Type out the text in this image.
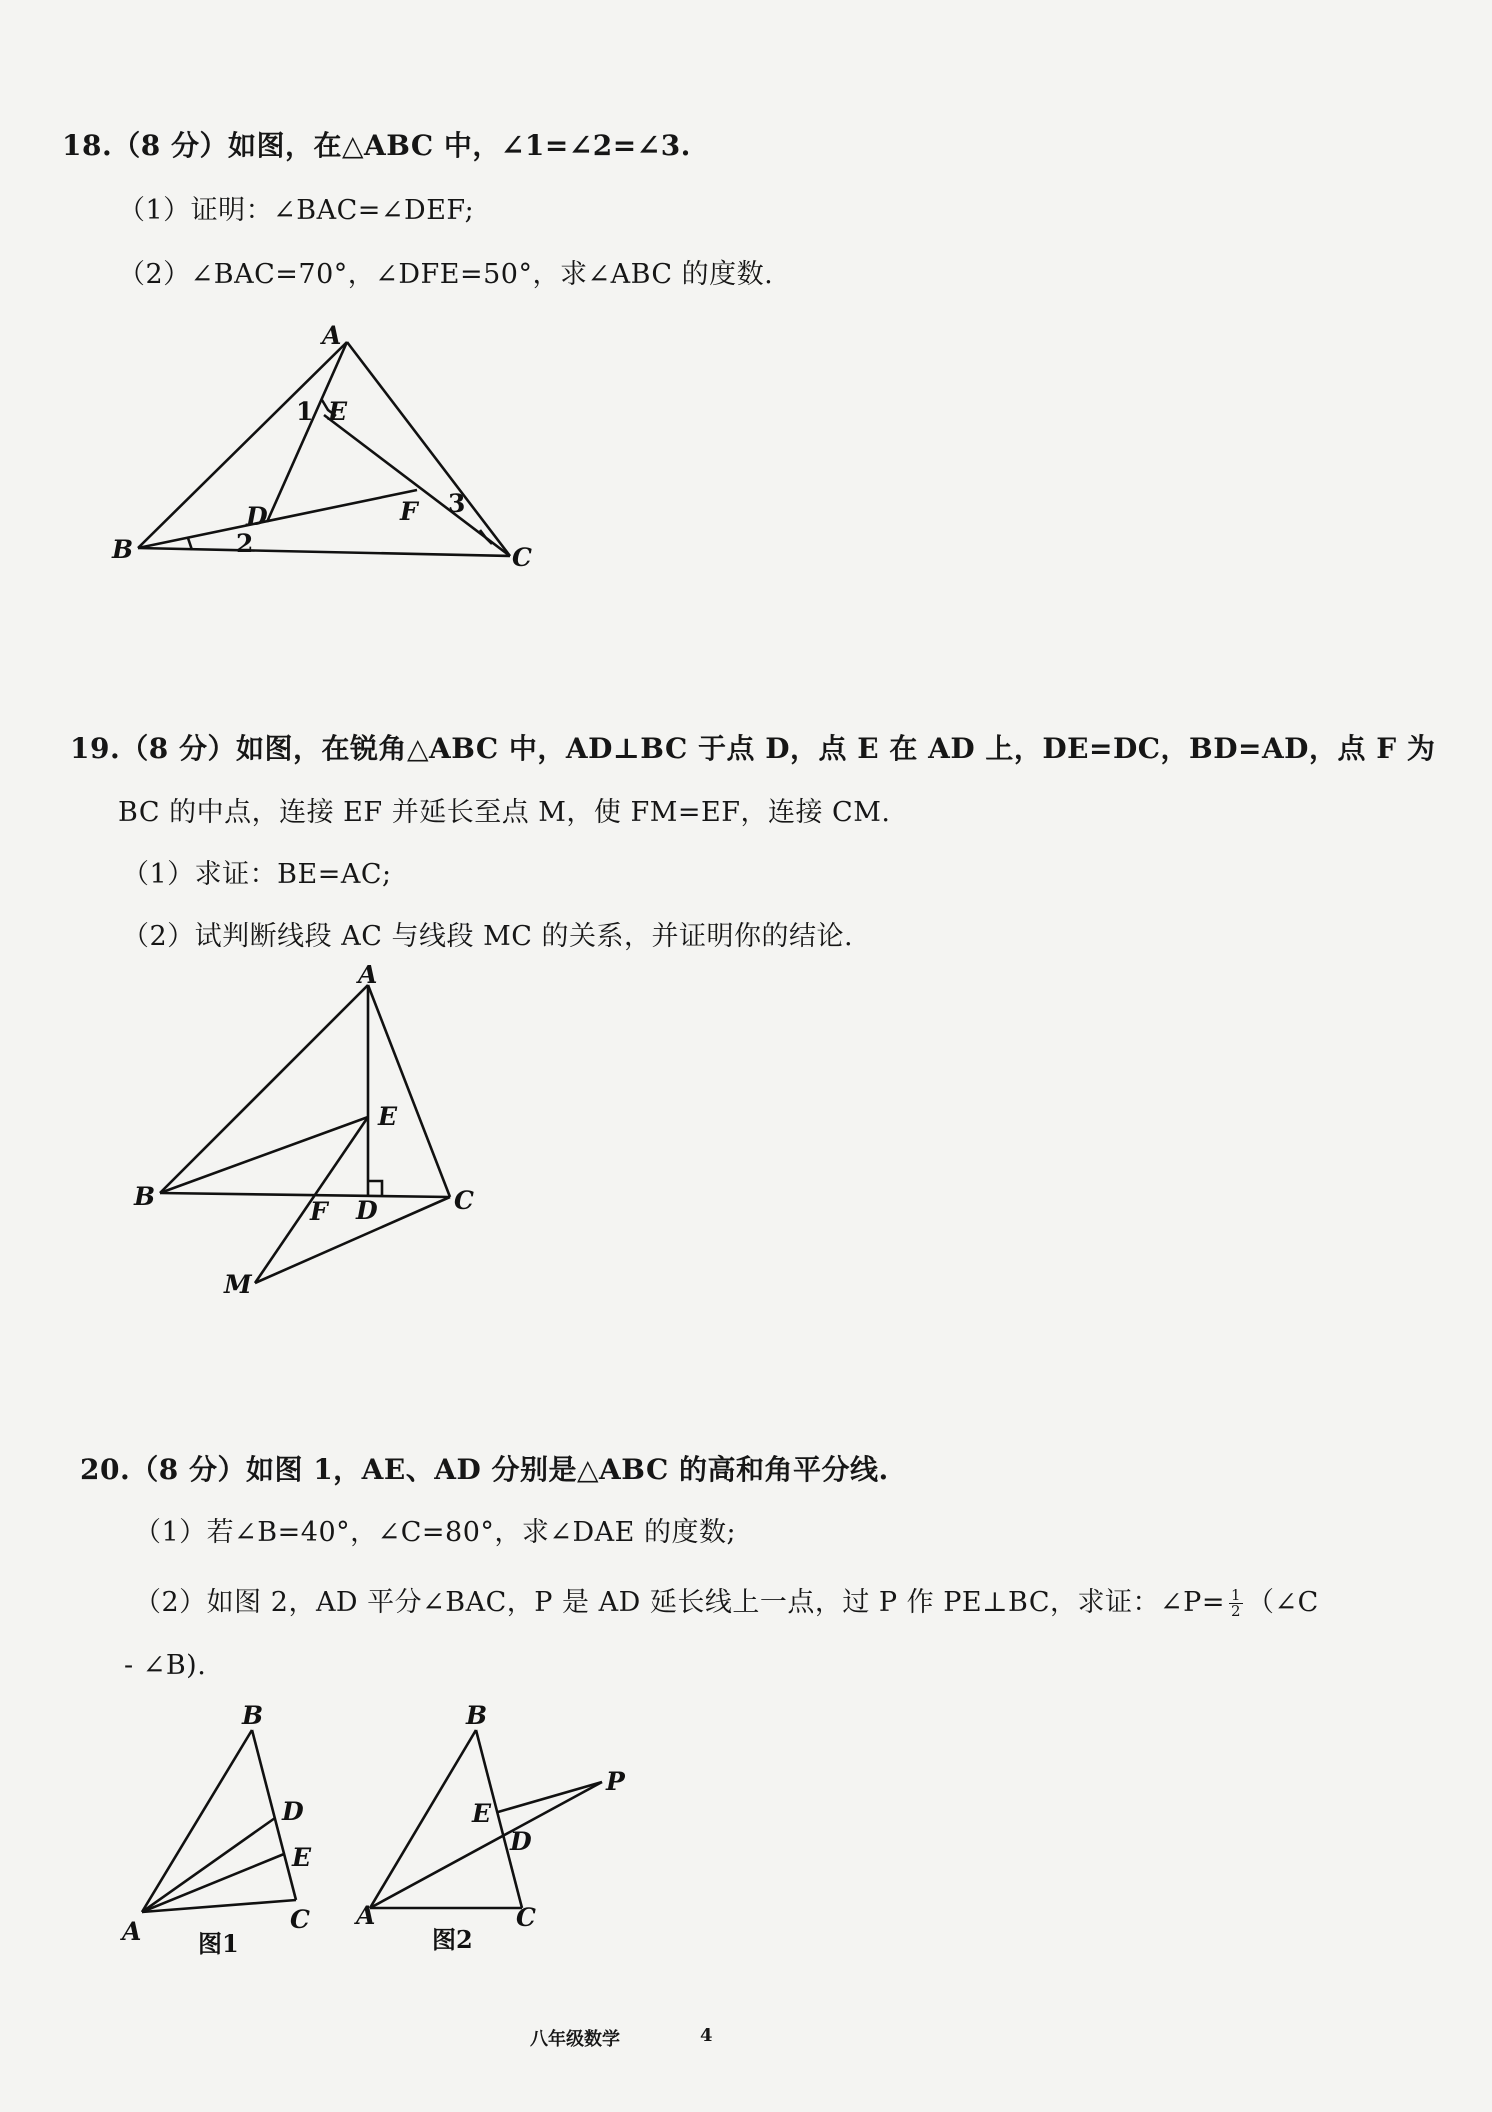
18.（8 分）如图，在△ABC 中，∠1=∠2=∠3.
（1）证明：∠BAC=∠DEF;
（2）∠BAC=70°，∠DFE=50°，求∠ABC 的度数.
A
E
1
D	F 3
B	2	C
19.（8 分）如图，在锐角△ABC 中，AD⊥BC 于点 D，点 E 在 AD 上，DE=DC，BD=AD，点 F 为
BC 的中点，连接 EF 并延长至点 M，使 FM=EF，连接 CM.
（1）求证：BE=AC;
（2）试判断线段 AC 与线段 MC 的关系，并证明你的结论.
A
E
B
F D	C
M
20.（8 分）如图 1，AE、AD 分别是△ABC 的高和角平分线.
（1）若∠B=40°，∠C=80°，求∠DAE 的度数;
（2）如图 2，AD 平分∠BAC，P 是 AD 延长线上一点，过 P 作 PE⊥BC，求证：∠P= $\frac{1}{2}$ （∠C
- ∠B).
B
D
E
C
A 图1
B
P
E
D
A	C
图2
八年级数学	4
